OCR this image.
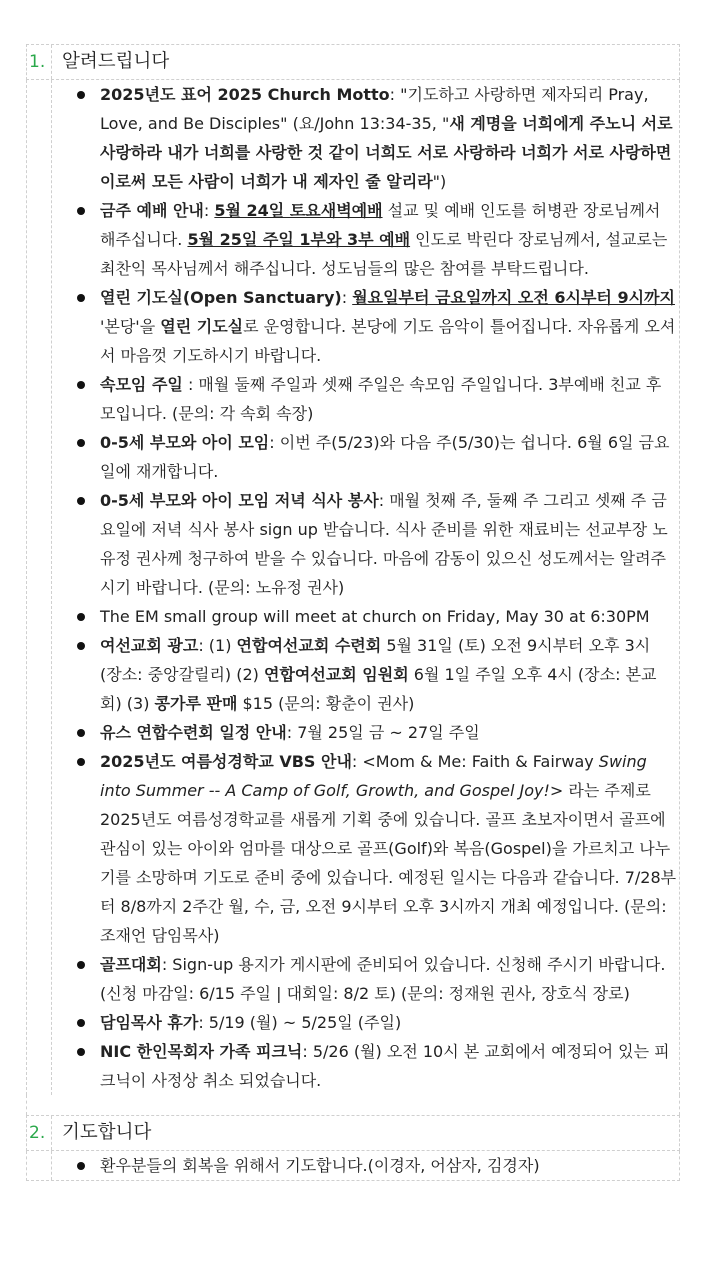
1. 알려드립니다
2025년도 표어 2025 Church Motto: "기도하고 사랑하면 제자되리 Pray, Love, and Be Disciples" (요/John 13:34-35, "새 계명을 너희에게 주노니 서로 사랑하라 내가 너희를 사랑한 것 같이 너희도 서로 사랑하라 너희가 서로 사랑하면 이로써 모든 사람이 너희가 내 제자인 줄 알리라")
금주 예배 안내: 5월 24일 토요새벽예배 설교 및 예배 인도를 허병관 장로님께서 해주십니다. 5월 25일 주일 1부와 3부 예배 인도로 박린다 장로님께서, 설교로는 최찬익 목사님께서 해주십니다. 성도님들의 많은 참여를 부탁드립니다.
열린 기도실(Open Sanctuary): 월요일부터 금요일까지 오전 6시부터 9시까지 '본당'을 열린 기도실로 운영합니다. 본당에 기도 음악이 틀어집니다. 자유롭게 오셔서 마음껏 기도하시기 바랍니다.
속모임 주일 : 매월 둘째 주일과 셋째 주일은 속모임 주일입니다. 3부예배 친교 후 모입니다. (문의: 각 속회 속장)
0-5세 부모와 아이 모임: 이번 주(5/23)와 다음 주(5/30)는 쉽니다. 6월 6일 금요일에 재개합니다.
0-5세 부모와 아이 모임 저녁 식사 봉사: 매월 첫째 주, 둘째 주 그리고 셋째 주 금요일에 저녁 식사 봉사 sign up 받습니다. 식사 준비를 위한 재료비는 선교부장 노유정 권사께 청구하여 받을 수 있습니다. 마음에 감동이 있으신 성도께서는 알려주시기 바랍니다. (문의: 노유정 권사)
The EM small group will meet at church on Friday, May 30 at 6:30PM
여선교회 광고: (1) 연합여선교회 수련회 5월 31일 (토) 오전 9시부터 오후 3시 (장소: 중앙갈릴리) (2) 연합여선교회 임원회 6월 1일 주일 오후 4시 (장소: 본교회) (3) 콩가루 판매 $15 (문의: 황춘이 권사)
유스 연합수련회 일정 안내: 7월 25일 금 ~ 27일 주일
2025년도 여름성경학교 VBS 안내: <Mom & Me: Faith & Fairway Swing into Summer -- A Camp of Golf, Growth, and Gospel Joy!> 라는 주제로 2025년도 여름성경학교를 새롭게 기획 중에 있습니다. 골프 초보자이면서 골프에 관심이 있는 아이와 엄마를 대상으로 골프(Golf)와 복음(Gospel)을 가르치고 나누기를 소망하며 기도로 준비 중에 있습니다. 예정된 일시는 다음과 같습니다. 7/28부터 8/8까지 2주간 월, 수, 금, 오전 9시부터 오후 3시까지 개최 예정입니다. (문의: 조재언 담임목사)
골프대회: Sign-up 용지가 게시판에 준비되어 있습니다. 신청해 주시기 바랍니다. (신청 마감일: 6/15 주일 | 대회일: 8/2 토) (문의: 정재원 권사, 장호식 장로)
담임목사 휴가: 5/19 (월) ~ 5/25일 (주일)
NIC 한인목회자 가족 피크닉: 5/26 (월) 오전 10시 본 교회에서 예정되어 있는 피크닉이 사정상 취소 되었습니다.
2. 기도합니다
환우분들의 회복을 위해서 기도합니다.(이경자, 어삼자, 김경자)
